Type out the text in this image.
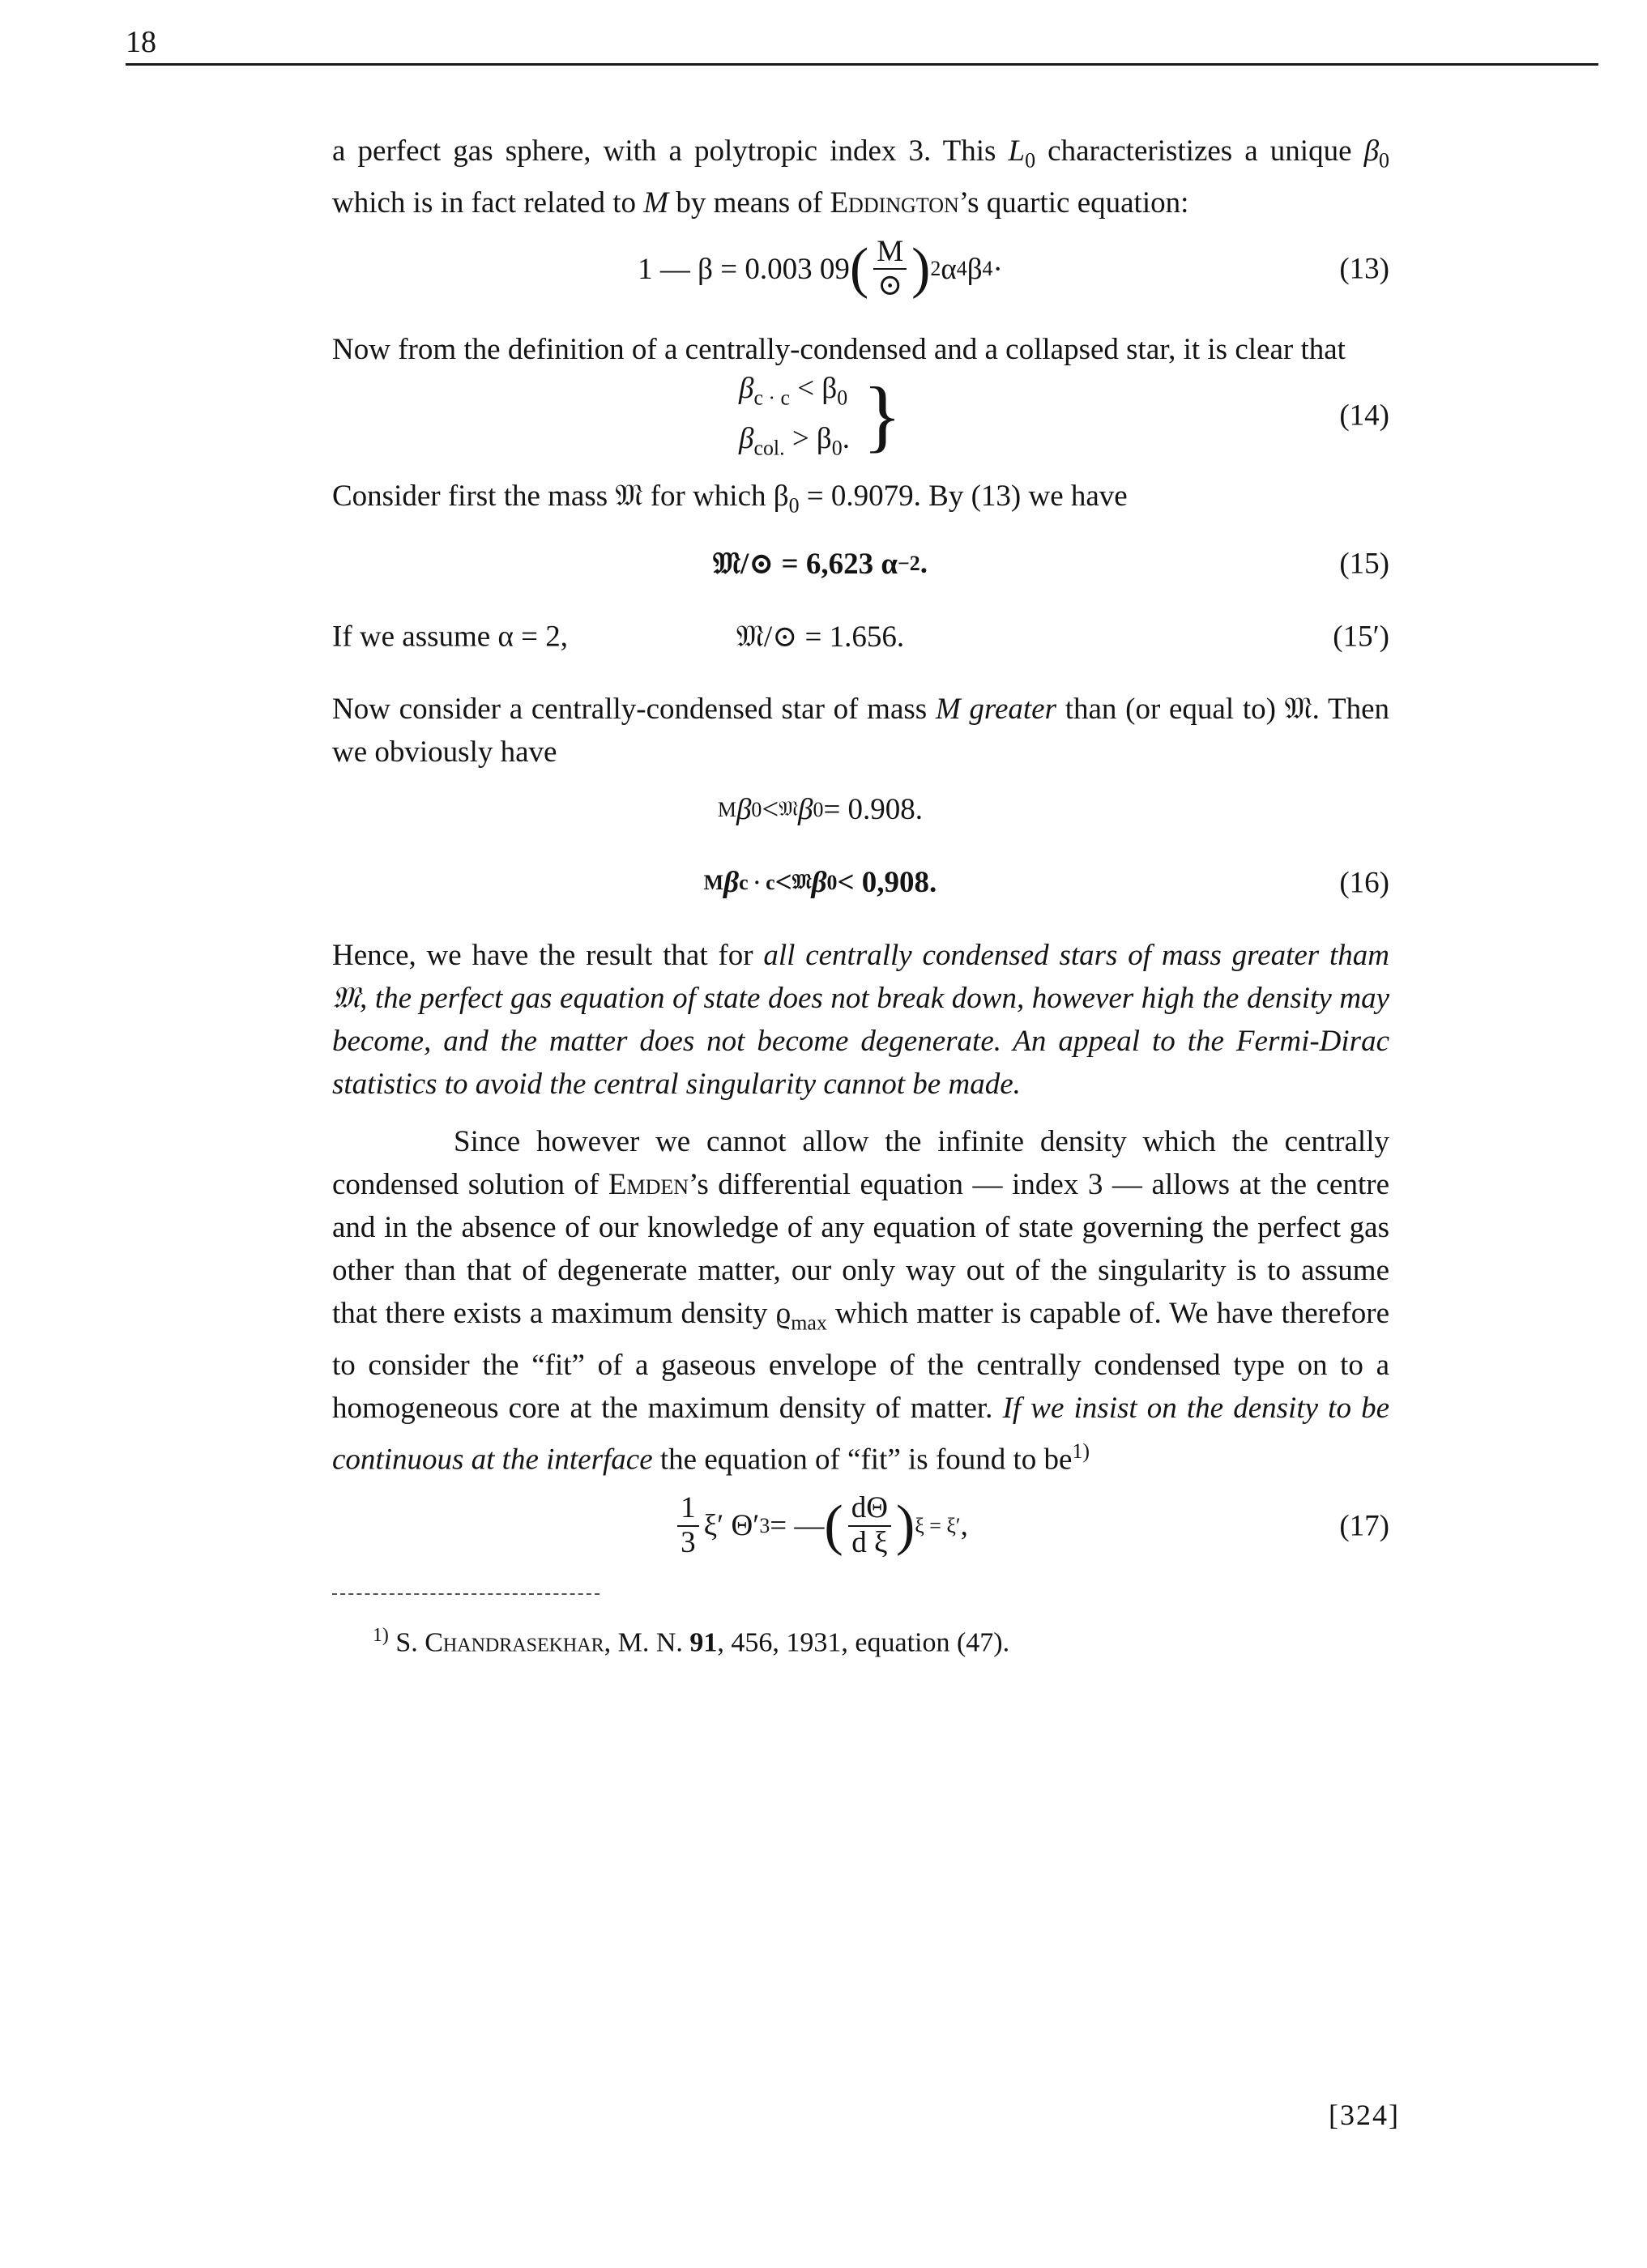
18

a perfect gas sphere, with a polytropic index 3. This $L_0$ characteristizes a unique $\beta_0$ which is in fact related to M by means of Eddington’s quartic equation:

1 — β = 0.003 09 ( $\frac{M}{⊙}$ ) 2 α 4 β 4 ·	(13)

Now from the definition of a centrally-condensed and a collapsed star, it is clear that

$\beta_{c \cdot c} < \beta_0$
$\beta_{col.} > \beta_0$. }	(14)

Consider first the mass 𝔐 for which $\beta_0 = 0.9079$. By (13) we have

𝔐/⊙ = 6,623 α −2 .	(15)
If we assume α = 2,	𝔐/⊙ = 1.656.	(15′)

Now consider a centrally-condensed star of mass M greater than (or equal to) 𝔐. Then we obviously have

M β 0 < 𝔐 β 0 = 0.908.
M β c · c < 𝔐 β 0 < 0,908.	(16)

Hence, we have the result that for all centrally condensed stars of mass greater tham 𝔐, the perfect gas equation of state does not break down, however high the density may become, and the matter does not become degenerate. An appeal to the Fermi-Dirac statistics to avoid the central singularity cannot be made.

Since however we cannot allow the infinite density which the centrally condensed solution of Emden’s differential equation — index 3 — allows at the centre and in the absence of our knowledge of any equation of state governing the perfect gas other than that of degenerate matter, our only way out of the singularity is to assume that there exists a maximum density $ϱ_{max}$ which matter is capable of. We have therefore to consider the “fit” of a gaseous envelope of the centrally condensed type on to a homogeneous core at the maximum density of matter. If we insist on the density to be continuous at the interface the equation of “fit” is found to $be^{1)}$

$\frac{1}{3} \xi'$ Θ′ 3 = — ( $\frac{d\Theta}{\text{d ξ}}$ ) ξ = ξ′ ,	(17)
$^{1)}$ S. Chandrasekhar, M. N. 91, 456, 1931, equation (47).
[324]
